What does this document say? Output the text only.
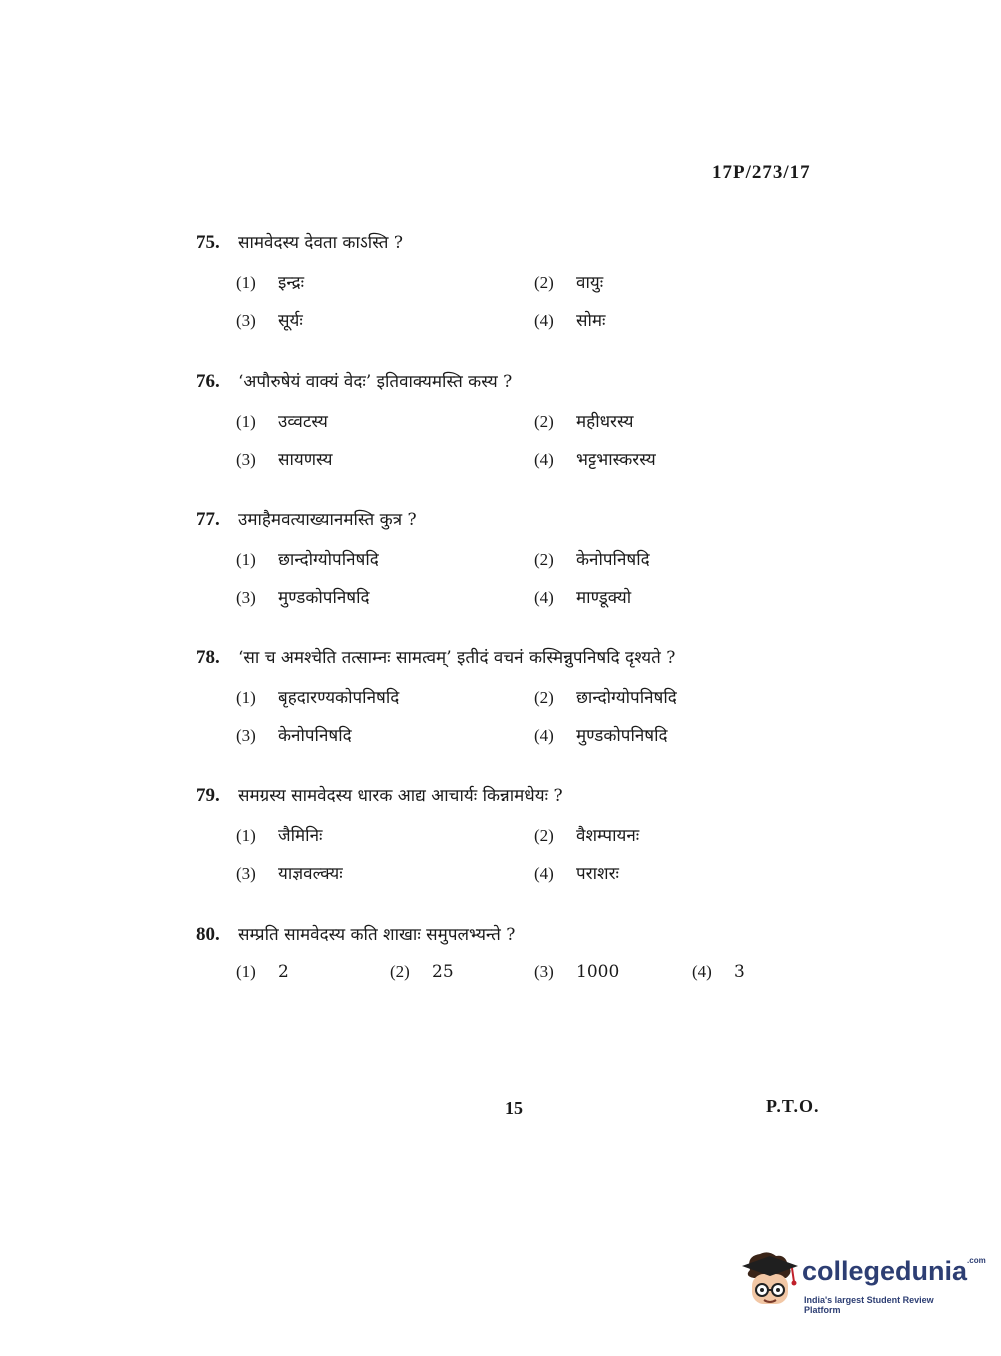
17P/273/17
75.	सामवेदस्य देवता काऽस्ति ?
(1)	इन्द्रः	(2)	वायुः
(3)	सूर्यः	(4)	सोमः
76.	‘अपौरुषेयं वाक्यं वेदः’ इतिवाक्यमस्ति कस्य ?
(1)	उव्वटस्य	(2)	महीधरस्य
(3)	सायणस्य	(4)	भट्टभास्करस्य
77.	उमाहैमवत्याख्यानमस्ति कुत्र ?
(1)	छान्दोग्योपनिषदि	(2)	केनोपनिषदि
(3)	मुण्डकोपनिषदि	(4)	माण्डूक्यो
78.	‘सा च अमश्चेति तत्साम्नः सामत्वम्’ इतीदं वचनं कस्मिन्नुपनिषदि दृश्यते ?
(1)	बृहदारण्यकोपनिषदि	(2)	छान्दोग्योपनिषदि
(3)	केनोपनिषदि	(4)	मुण्डकोपनिषदि
79.	समग्रस्य सामवेदस्य धारक आद्य आचार्यः किन्नामधेयः ?
(1)	जैमिनिः	(2)	वैशम्पायनः
(3)	याज्ञवल्क्यः	(4)	पराशरः
80.	सम्प्रति सामवेदस्य कति शाखाः समुपलभ्यन्ते ?
(1)	2	(2)	25	(3)	1000	(4)	3
15	P.T.O.
collegedunia$^{.com}$
India's largest Student Review Platform
